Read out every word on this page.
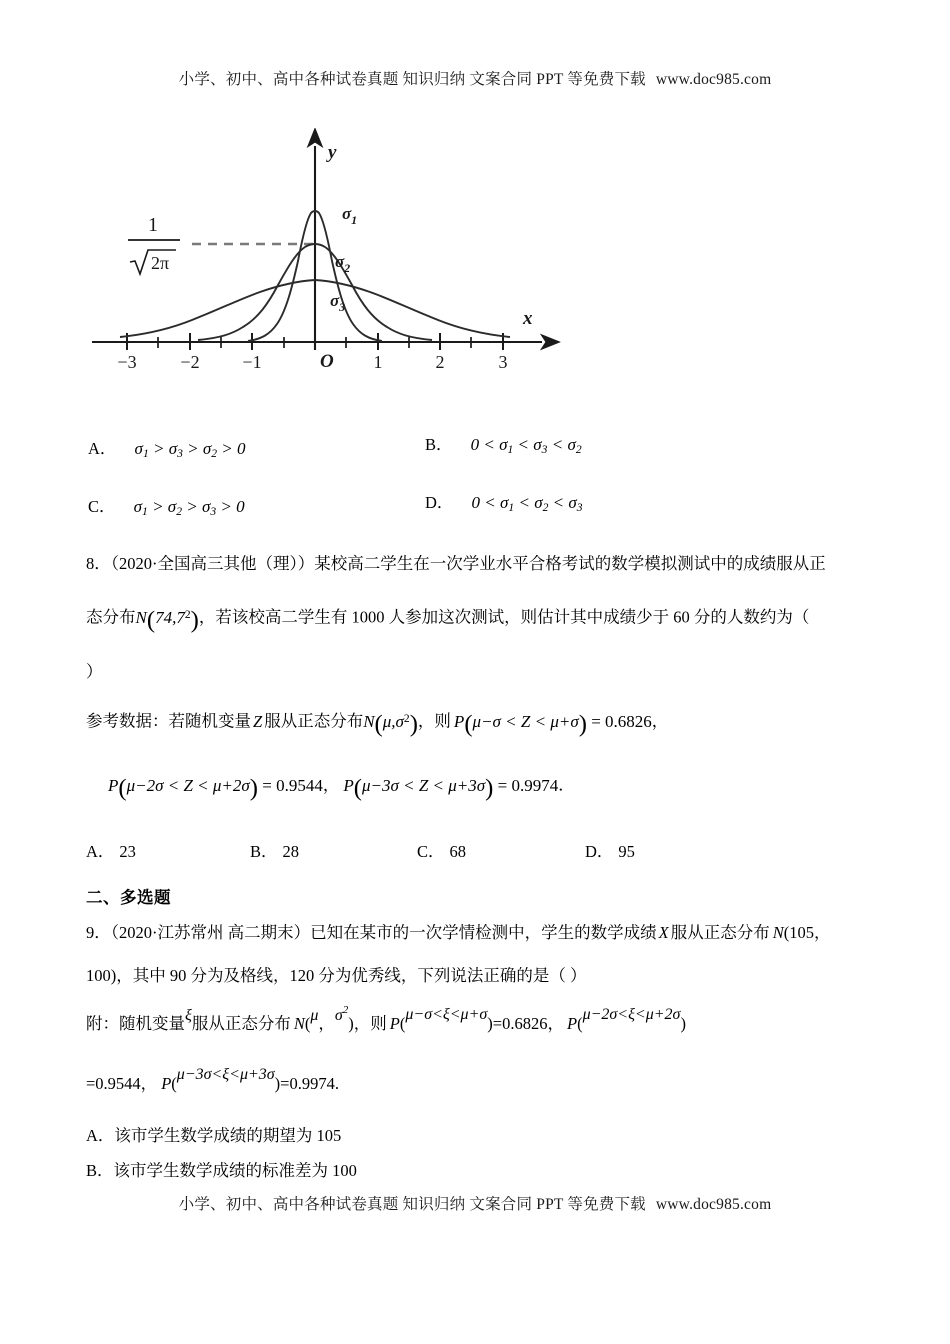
小学、初中、高中各种试卷真题 知识归纳 文案合同 PPT 等免费下载 www.doc985.com
y
x
O
−3 −2 −1	1	2	3
$\sigma_1$
$\sigma_2$
$\sigma_3$
1
2π
A． $\sigma_1 > \sigma_3 > \sigma_2 > 0$	B． $0 < \sigma_1 < \sigma_3 < \sigma_2$
C． $\sigma_1 > \sigma_2 > \sigma_3 > 0$	D． $0 < \sigma_1 < \sigma_2 < \sigma_3$
8．（2020·全国高三其他（理））某校高二学生在一次学业水平合格考试的数学模拟测试中的成绩服从正
态分布N(74,7$^2$)，若该校高二学生有 1000 人参加这次测试，则估计其中成绩少于 60 分的人数约为（
）
参考数据：若随机变量 Z 服从正态分布$N(\mu,\sigma^2)$，则 P(μ−σ < Z < μ+σ) = 0.6826，
P(μ−2σ < Z < μ+2σ) = 0.9544， P(μ−3σ < Z < μ+3σ) = 0.9974．
A． 23	B． 28	C． 68	D． 95
二、多选题
9．（2020·江苏常州 高二期末）已知在某市的一次学情检测中，学生的数学成绩 X 服从正态分布 N(105，
100)，其中 90 分为及格线，120 分为优秀线，下列说法正确的是（ ）
附：随机变量ξ服从正态分布 N(μ，$\sigma^2$)，则 P(μ−σ<ξ<μ+σ)=0.6826， P(μ−2σ<ξ<μ+2σ)
=0.9544， P(μ−3σ<ξ<μ+3σ)=0.9974.
A．该市学生数学成绩的期望为 105
B．该市学生数学成绩的标准差为 100
小学、初中、高中各种试卷真题 知识归纳 文案合同 PPT 等免费下载 www.doc985.com
